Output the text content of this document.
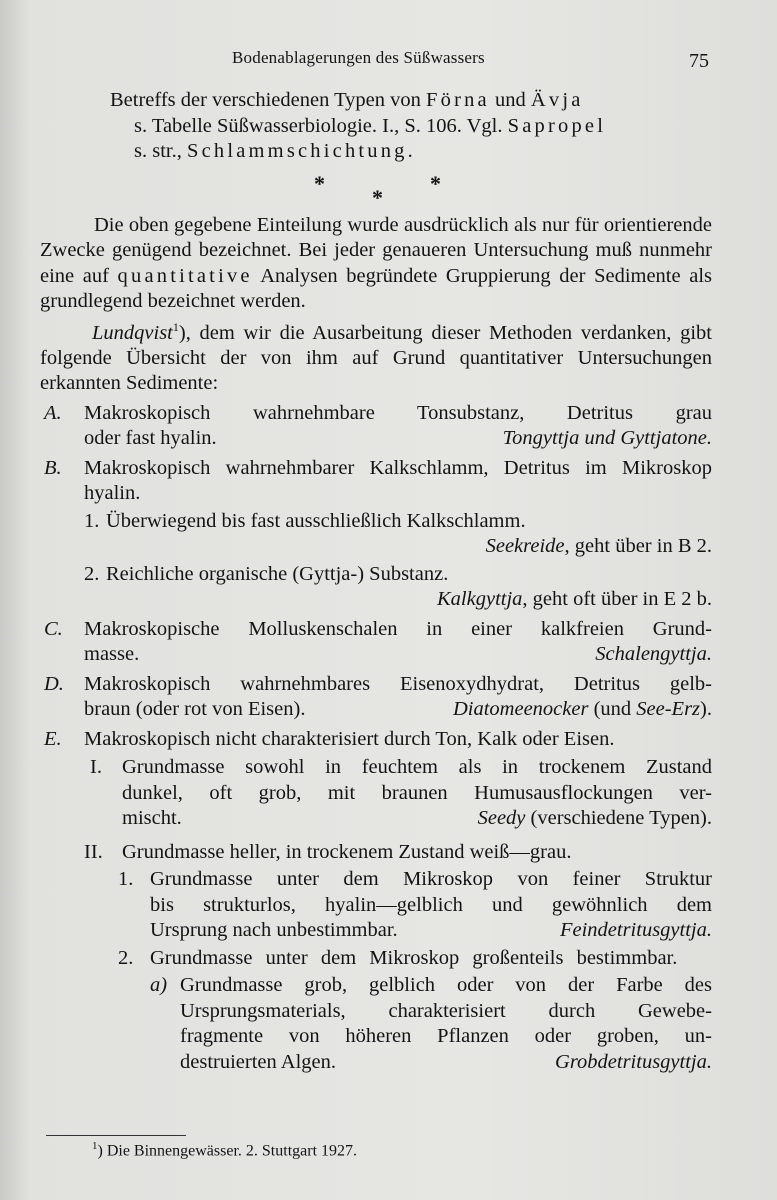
Bodenablagerungen des Süßwassers	75

Betreffs der verschiedenen Typen von Förna und Ävja

s. Tabelle Süßwasserbiologie. I., S. 106. Vgl. Sapropel

s. str., Schlammschichtung.

*	*
*

Die oben gegebene Einteilung wurde ausdrücklich als nur für orientierende Zwecke genügend bezeichnet. Bei jeder genaueren Untersuchung muß nunmehr eine auf quantitative Analysen begründete Gruppierung der Sedimente als grundlegend bezeichnet werden.

Lundqvist$^1$), dem wir die Ausarbeitung dieser Methoden verdanken, gibt folgende Übersicht der von ihm auf Grund quantitativer Untersuchungen erkannten Sedimente:

A. Makroskopisch wahrnehmbare Tonsubstanz, Detritus grau

oder fast hyalin.	Tongyttja und Gyttjatone.
B. Makroskopisch wahrnehmbarer Kalkschlamm, Detritus im Mikroskop hyalin.

1. Überwiegend bis fast ausschließlich Kalkschlamm.

Seekreide, geht über in B 2.

2. Reichliche organische (Gyttja-) Substanz.

Kalkgyttja, geht oft über in E 2 b.

C. Makroskopische Molluskenschalen in einer kalkfreien Grund-

masse.	Schalengyttja.
D. Makroskopisch wahrnehmbares Eisenoxydhydrat, Detritus gelb-

braun (oder rot von Eisen).	Diatomeenocker (und See-Erz).
E. Makroskopisch nicht charakterisiert durch Ton, Kalk oder Eisen.

I. Grundmasse sowohl in feuchtem als in trockenem Zustand

dunkel, oft grob, mit braunen Humusausflockungen ver-

mischt.	Seedy (verschiedene Typen).
II. Grundmasse heller, in trockenem Zustand weiß—grau.

1. Grundmasse unter dem Mikroskop von feiner Struktur

bis strukturlos, hyalin—gelblich und gewöhnlich dem

Ursprung nach unbestimmbar.	Feindetritusgyttja.
2. Grundmasse unter dem Mikroskop großenteils bestimmbar.

a) Grundmasse grob, gelblich oder von der Farbe des

Ursprungsmaterials, charakterisiert durch Gewebe-

fragmente von höheren Pflanzen oder groben, un-

destruierten Algen.	Grobdetritusgyttja.
$^1$) Die Binnengewässer. 2. Stuttgart 1927.
